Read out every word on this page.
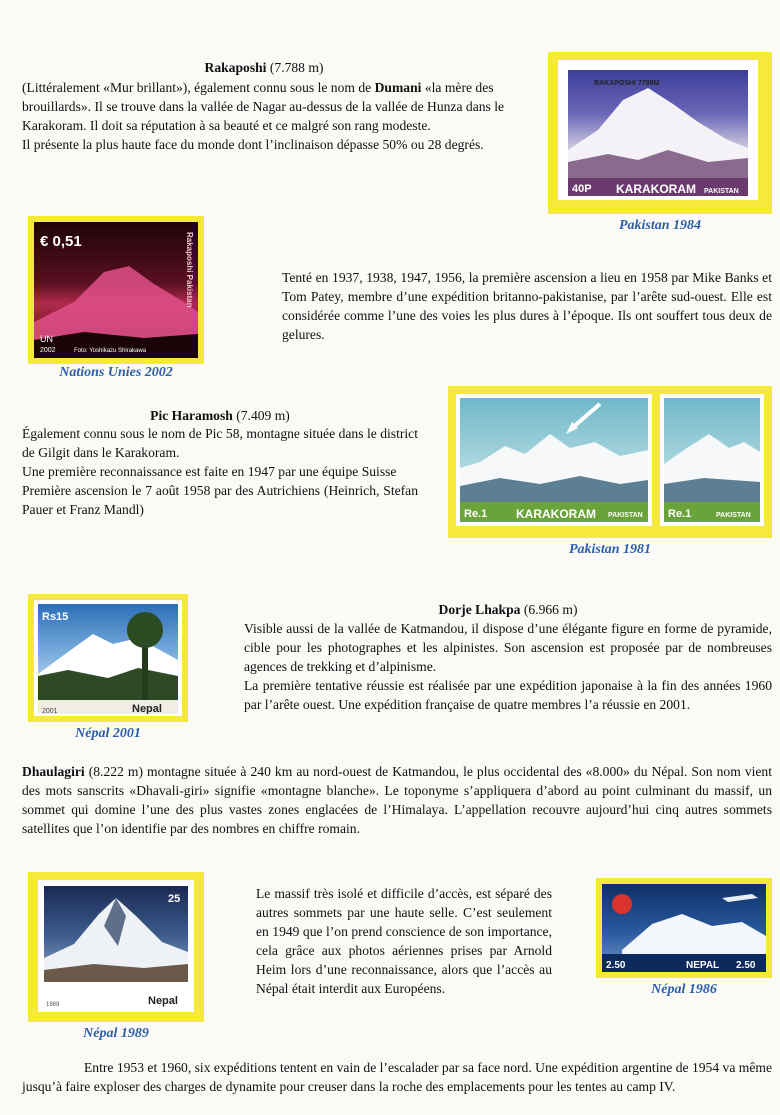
Rakaposhi (7.788 m)

(Littéralement «Mur brillant»), également connu sous le nom de Dumani «la mère des brouillards». Il se trouve dans la vallée de Nagar au-dessus de la vallée de Hunza dans le Karakoram. Il doit sa réputation à sa beauté et ce malgré son rang modeste.

Il présente la plus haute face du monde dont l’inclinaison dépasse 50% ou 28 degrés.

RAKAPOSHI 7788M
40P KARAKORAM PAKISTAN
Pakistan 1984
€ 0,51	Rakaposhi Pakistan
UN
2002	Foto: Yoshikazu Shirakawa
Nations Unies 2002
Tenté en 1937, 1938, 1947, 1956, la première ascension a lieu en 1958 par Mike Banks et Tom Patey, membre d’une expédition britanno-pakistanise, par l’arête sud-ouest. Elle est considérée comme l’une des voies les plus dures à l’époque. Ils ont souffert tous deux de gelures.
Pic Haramosh (7.409 m)

Également connu sous le nom de Pic 58, montagne située dans le district de Gilgit dans le Karakoram.

Une première reconnaissance est faite en 1947 par une équipe Suisse

Première ascension le 7 août 1958 par des Autrichiens (Heinrich, Stefan Pauer et Franz Mandl)	Re.1 KARAKORAM PAKISTAN Re.1	PAKISTAN
Pakistan 1981
Rs15
2001	Nepal
Népal 2001
Dorje Lhakpa (6.966 m)

Visible aussi de la vallée de Katmandou, il dispose d’une élégante figure en forme de pyramide, cible pour les photographes et les alpinistes. Son ascension est proposée par de nombreuses agences de trekking et d’alpinisme.

La première tentative réussie est réalisée par une expédition japonaise à la fin des années 1960 par l’arête ouest. Une expédition française de quatre membres l’a réussie en 2001.

Dhaulagiri (8.222 m) montagne située à 240 km au nord-ouest de Katmandou, le plus occidental des «8.000» du Népal. Son nom vient des mots sanscrits «Dhavali-giri» signifie «montagne blanche». Le toponyme s’appliquera d’abord au point culminant du massif, un sommet qui domine l’une des plus vastes zones englacées de l’Himalaya. L’appellation recouvre aujourd’hui cinq autres sommets satellites que l’on identifie par des nombres en chiffre romain.
25
1989	Nepal
Népal 1989
Le massif très isolé et difficile d’accès, est séparé des autres sommets par une haute selle. C’est seulement en 1949 que l’on prend conscience de son importance, cela grâce aux photos aériennes prises par Arnold Heim lors d’une reconnaissance, alors que l’accès au Népal était interdit aux Européens.
2.50	NEPAL 2.50
Népal 1986
Entre 1953 et 1960, six expéditions tentent en vain de l’escalader par sa face nord. Une expédition argentine de 1954 va même jusqu’à faire exploser des charges de dynamite pour creuser dans la roche des emplacements pour les tentes au camp IV.
